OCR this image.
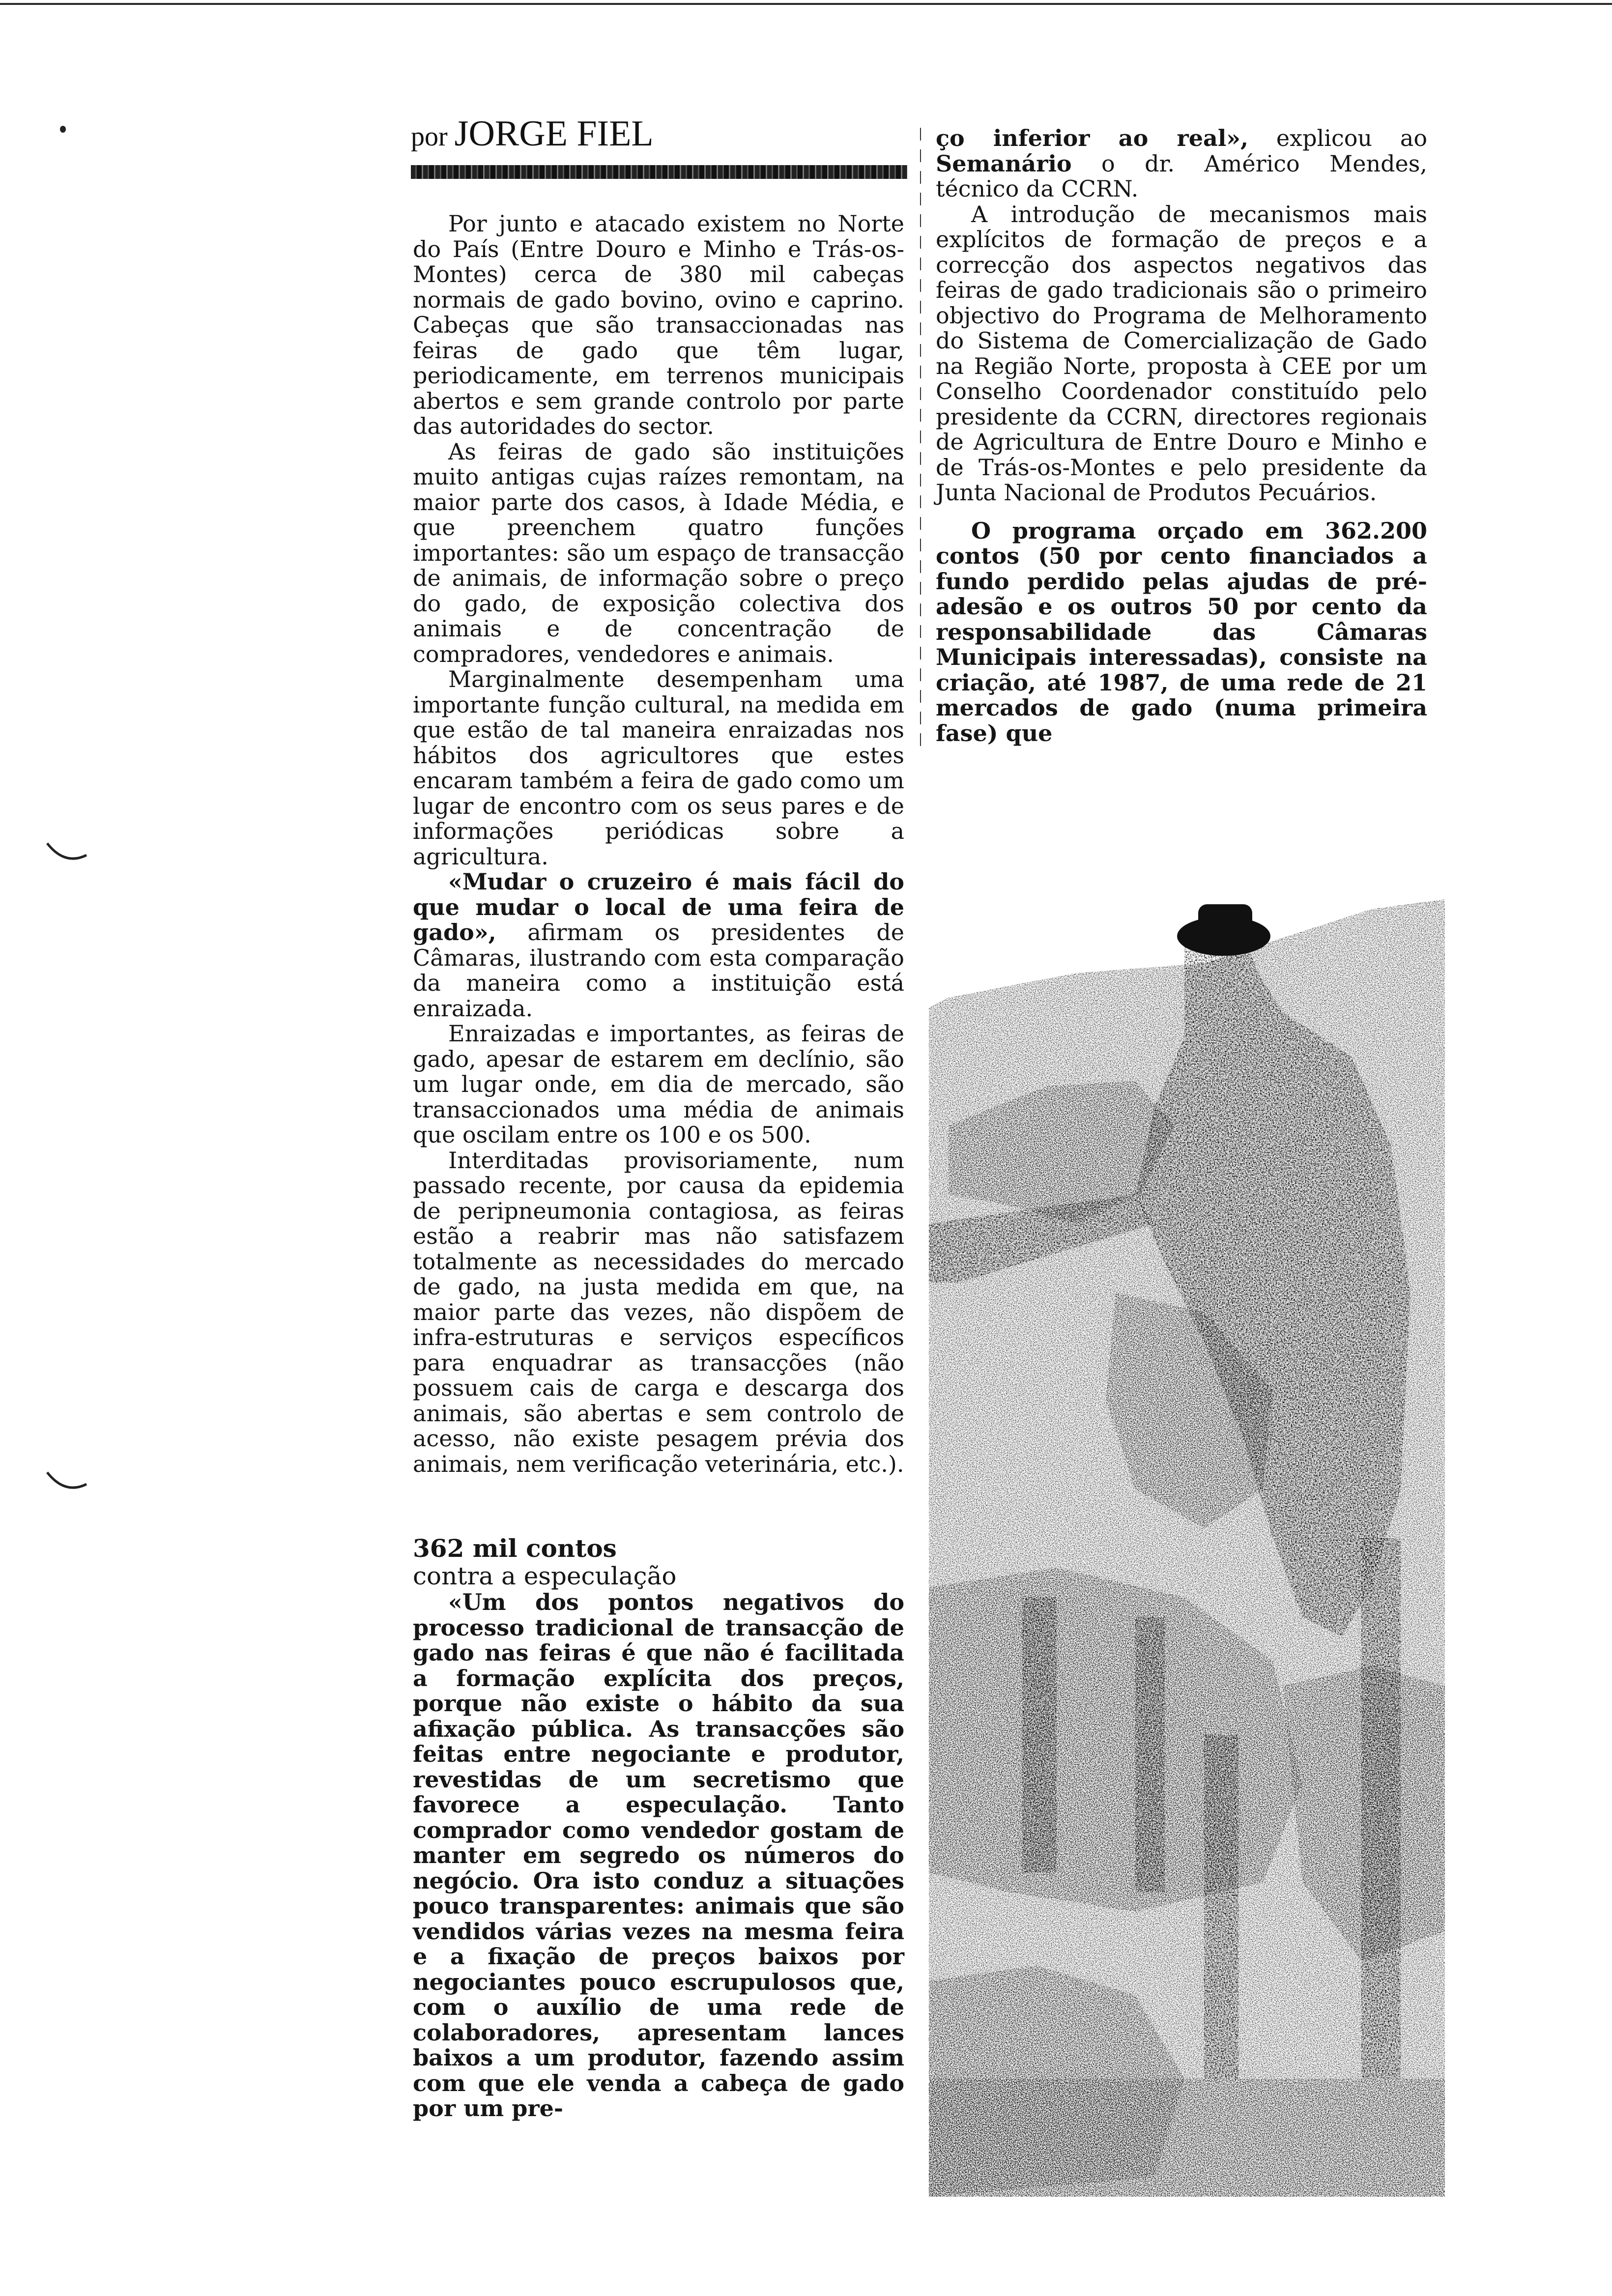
por JORGE FIEL

Por junto e atacado existem no Norte do País (Entre Douro e Minho e Trás-os-Montes) cerca de 380 mil cabeças normais de gado bovino, ovino e caprino. Cabeças que são transaccionadas nas feiras de gado que têm lugar, periodicamente, em terrenos municipais abertos e sem grande controlo por parte das autoridades do sector.

As feiras de gado são instituições muito antigas cujas raízes remontam, na maior parte dos casos, à Idade Média, e que preenchem quatro funções importantes: são um espaço de transacção de animais, de informação sobre o preço do gado, de exposição colectiva dos animais e de concentração de compradores, vendedores e animais.

Marginalmente desempenham uma importante função cultural, na medida em que estão de tal maneira enraizadas nos hábitos dos agricultores que estes encaram também a feira de gado como um lugar de encontro com os seus pares e de informações periódicas sobre a agricultura.

«Mudar o cruzeiro é mais fácil do que mudar o local de uma feira de gado», afirmam os presidentes de Câmaras, ilustrando com esta comparação da maneira como a instituição está enraizada.

Enraizadas e importantes, as feiras de gado, apesar de estarem em declínio, são um lugar onde, em dia de mercado, são transaccionados uma média de animais que oscilam entre os 100 e os 500.

Interditadas provisoriamente, num passado recente, por causa da epidemia de peripneumonia contagiosa, as feiras estão a reabrir mas não satisfazem totalmente as necessidades do mercado de gado, na justa medida em que, na maior parte das vezes, não dispõem de infra-estruturas e serviços específicos para enquadrar as transacções (não possuem cais de carga e descarga dos animais, são abertas e sem controlo de acesso, não existe pesagem prévia dos animais, nem verificação veterinária, etc.).

362 mil contos
contra a especulação

«Um dos pontos negativos do processo tradicional de transacção de gado nas feiras é que não é facilitada a formação explícita dos preços, porque não existe o hábito da sua afixação pública. As transacções são feitas entre negociante e produtor, revestidas de um secretismo que favorece a especulação. Tanto comprador como vendedor gostam de manter em segredo os números do negócio. Ora isto conduz a situações pouco transparentes: animais que são vendidos várias vezes na mesma feira e a fixação de preços baixos por negociantes pouco escrupulosos que, com o auxílio de uma rede de colaboradores, apresentam lances baixos a um produtor, fazendo assim com que ele venda a cabeça de gado por um pre-

ço inferior ao real», explicou ao Semanário o dr. Américo Mendes, técnico da CCRN.

A introdução de mecanismos mais explícitos de formação de preços e a correcção dos aspectos negativos das feiras de gado tradicionais são o primeiro objectivo do Programa de Melhoramento do Sistema de Comercialização de Gado na Região Norte, proposta à CEE por um Conselho Coordenador constituído pelo presidente da CCRN, directores regionais de Agricultura de Entre Douro e Minho e de Trás-os-Montes e pelo presidente da Junta Nacional de Produtos Pecuários.

O programa orçado em 362.200 contos (50 por cento financiados a fundo perdido pelas ajudas de pré-adesão e os outros 50 por cento da responsabilidade das Câmaras Municipais interessadas), consiste na criação, até 1987, de uma rede de 21 mercados de gado (numa primeira fase) que
